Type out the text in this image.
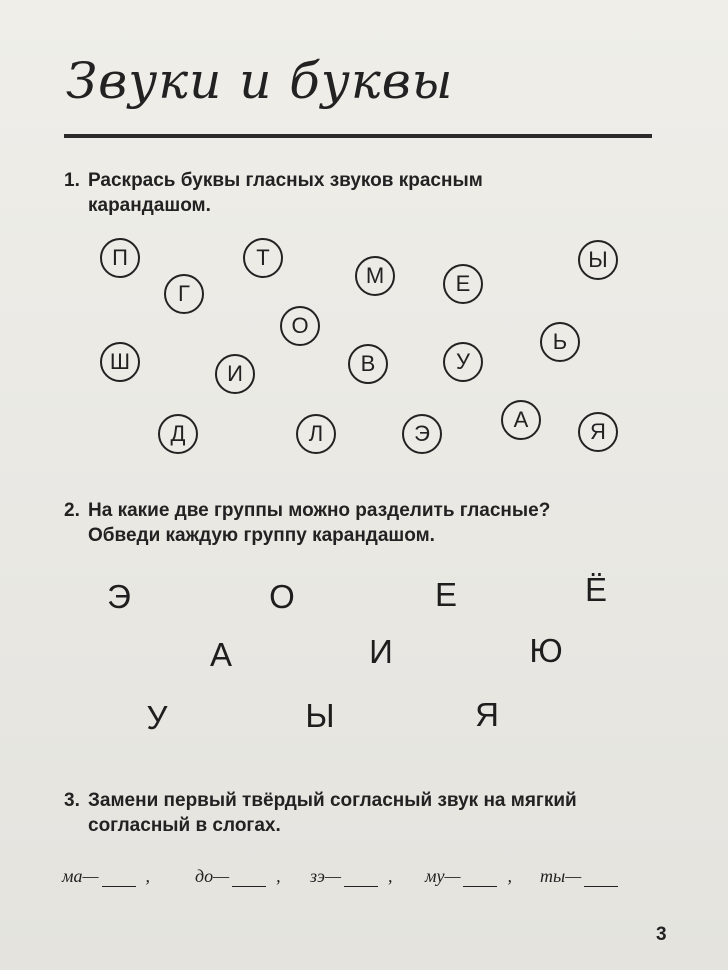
Звуки и буквы
1. Раскрась буквы гласных звуков красным
карандашом.
П	Т
М
Ы
Г	Е
О
Ь
Ш	И	В	У
Д	Л	Э
А	Я
2. На какие две группы можно разделить гласные?
Обведи каждую группу карандашом.
Э	О	Е	Ё
А	И	Ю
У	Ы	Я
3. Замени первый твёрдый согласный звук на мягкий
согласный в слогах.
ма—	,	до—	, зэ—	, му—	, ты—
3
